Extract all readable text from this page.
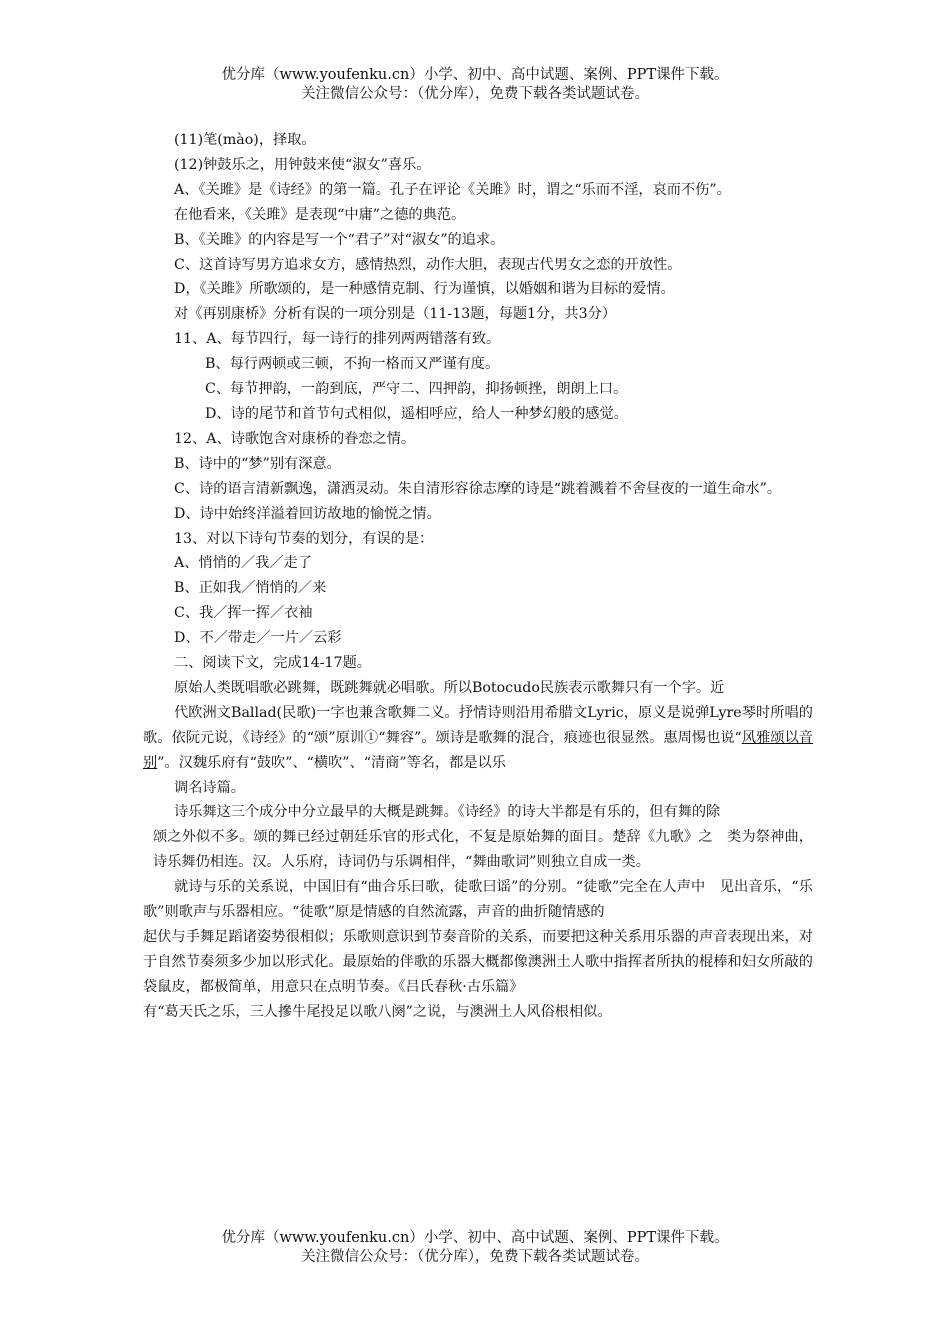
优分库（www.youfenku.cn）小学、初中、高中试题、案例、PPT课件下载。
关注微信公众号：（优分库），免费下载各类试题试卷。

(11)笔(mào)，择取。

(12)钟鼓乐之，用钟鼓来使“淑女”喜乐。

A、《关雎》是《诗经》的第一篇。孔子在评论《关雎》时，谓之“乐而不淫，哀而不伤”。

在他看来，《关雎》是表现“中庸”之德的典范。

B、《关雎》的内容是写一个“君子”对“淑女”的追求。

C、这首诗写男方追求女方，感情热烈，动作大胆，表现古代男女之恋的开放性。

D，《关雎》所歌颂的，是一种感情克制、行为谨慎，以婚姻和谐为目标的爱情。

对《再别康桥》分析有误的一项分别是（11-13题，每题1分，共3分）

11、A、每节四行，每一诗行的排列两两错落有致。

B、每行两顿或三顿，不拘一格而又严谨有度。

C、每节押韵，一韵到底，严守二、四押韵，抑扬顿挫，朗朗上口。

D、诗的尾节和首节句式相似，遥相呼应，给人一种梦幻般的感觉。

12、A、诗歌饱含对康桥的眷恋之情。

B、诗中的“梦”别有深意。

C、诗的语言清新飘逸，潇洒灵动。朱自清形容徐志摩的诗是“跳着溅着不舍昼夜的一道生命水”。

D、诗中始终洋溢着回访故地的愉悦之情。

13、对以下诗句节奏的划分，有误的是：

A、悄悄的／我／走了

B、正如我／悄悄的／来

C、我／挥一挥／衣袖

D、不／带走／一片／云彩

二、阅读下文，完成14-17题。

原始人类既唱歌必跳舞，既跳舞就必唱歌。所以Botocudo民族表示歌舞只有一个字。近

代欧洲文Ballad(民歌)一字也兼含歌舞二义。抒情诗则沿用希腊文Lyric，原义是说弹Lyre琴时所唱的歌。依阮元说，《诗经》的“颂”原训①“舞容”。颂诗是歌舞的混合，痕迹也很显然。惠周惕也说“风雅颂以音别”。汉魏乐府有“鼓吹”、“横吹”、“清商”等名，都是以乐

调名诗篇。

诗乐舞这三个成分中分立最早的大概是跳舞。《诗经》的诗大半都是有乐的，但有舞的除

颂之外似不多。颂的舞已经过朝廷乐官的形式化，不复是原始舞的面目。楚辞《九歌》之　类为祭神曲，诗乐舞仍相连。汉。人乐府，诗词仍与乐调相伴，“舞曲歌词”则独立自成一类。

就诗与乐的关系说，中国旧有“曲合乐曰歌，徒歌曰谣”的分别。“徒歌”完全在人声中　见出音乐，“乐歌”则歌声与乐器相应。“徒歌”原是情感的自然流露，声音的曲折随情感的

起伏与手舞足蹈诸姿势很相似；乐歌则意识到节奏音阶的关系，而要把这种关系用乐器的声音表现出来，对于自然节奏须多少加以形式化。最原始的伴歌的乐器大概都像澳洲土人歌中指挥者所执的棍棒和妇女所敲的袋鼠皮，都极简单，用意只在点明节奏。《吕氏春秋·古乐篇》

有“葛天氏之乐，三人摻牛尾投足以歌八阕”之说，与澳洲土人风俗根相似。

优分库（www.youfenku.cn）小学、初中、高中试题、案例、PPT课件下载。
关注微信公众号：（优分库），免费下载各类试题试卷。
